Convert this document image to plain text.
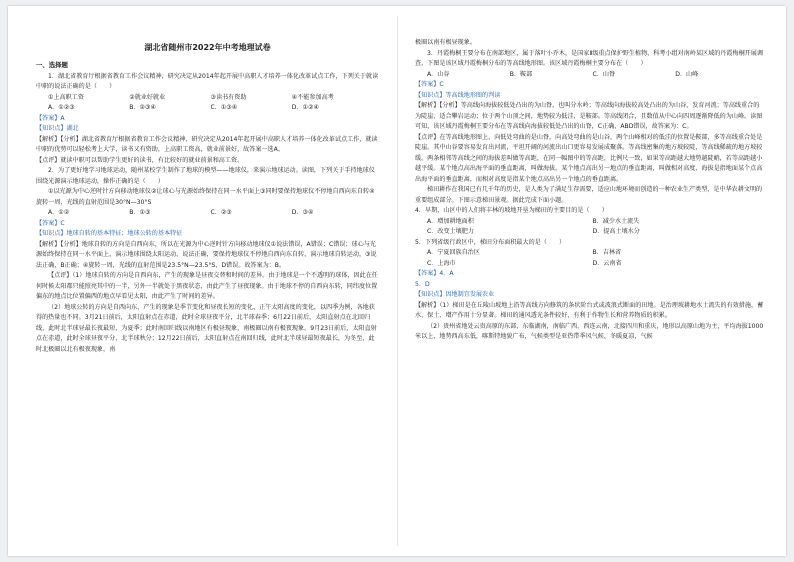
湖北省随州市2022年中考地理试卷

一、选择题

1．湖北省教育厅根据省教育工作会议精神，研究决定从2014年起开展中高职人才培养一体化改革试点工作，下列关于就读中职的说法正确的是（　　）

①上高职工资	②就业好就业	③读书有资助	④不能参加高考
A．①②③	B．②③④	C．①③④	D．①②④

【答案】A

【知识点】湖北

【解析】【分析】湖北省教育厅根据省教育工作会议精神，研究决定从2014年起开展中高职人才培养一体化改革试点工作，就读中职的优势可以轻松考上大学，读书又有资助，上高职工资高，就业前景好，故答案一选A。

【点评】就读中职可以帮助学生更好的读书，有比较好的就业前景和高工资。

2．为了更好地学习地球运动，随州某校学生制作了地球的模型——地球仪，来演示地球运动。读图，下列关于手持地球仪围绕光源演示地球运动，操作正确的是（　　）

①以光源为中心逆时针方向移动地球仪②让球心与光源始终保持在同一水平面上③同时要保持地球仪不停地自西向东自转④旋转一周，光线的直射范围是30°N—30°S

A．①②	B．①③	C．②③	D．③④

【答案】C

【知识点】地球自转的基本特征；地球公转的基本特征

【解析】【分析】地球自转的方向是自西向东，所以在光源为中心逆时针方向移动地球仪①说法错误，A错误；C错误；球心与光源始终保持在同一水平面上，演示地球围绕太阳运动，说法正确，要保持地球仪不停地自西向东自转，演示地球自转运动，③说法正确，B正确；④旋转一周，光线的直射范围是23.5°N—23.5°S，D错误。故答案为：B。

【点评】（1）地球自转的方向是自西向东，产生的现象是昼夜交替和时间的差异。由于地球是一个不透明的球体，因此在任何时候太阳都只能照亮其中的一半，另外一半就处于黑夜状态，由此产生了昼夜现象。由于地球不停的自西向东转，同纬度位置偏东的地点比位置偏西的地点早看见太阳，由此产生了时间的差异。

（2）地球公转的方向是自西向东，产生的现象是季节变化和昼夜长短的变化、正午太阳高度的变化，以四季为例，各地获得的热量也不同。3月21日前后，太阳直射点在赤道，此时全球昼夜平分，北半球春季；6月22日前后，太阳直射点在北回归线，此时北半球昼最长夜最短，为夏季；此时南回归线以南地区有极昼现象，南极圈以南有极夜现象。9月23日前后，太阳直射点在赤道，此时全球昼夜平分，北半球秋分；12月22日前后，太阳直射点在南回归线，此时北半球昼最短夜最长，为冬至，此时北极圈以北有极夜现象，南

极圈以南有极昼现象。

3．丹霞梅桐王要分布在南部地区，属于落叶小乔木，是国家Ⅱ级重点保护野生植物，科考小组对南岭某区域的丹霞梅桐开展调查，下图是该区域丹霞梅桐分布的等高线地形图。该区域丹霞梅桐主要分布在（　　）

A．山谷	B．鞍部	C．山脊	D．山峰

【答案】C

【知识点】等高线地形图的判读

【解析】【分析】等高线向海拔较低处凸出的为山脊，也叫分水岭；等高线向海拔较高处凸出的为山谷，发育河流；等高线重合的为陡崖，适合攀岩运动；位于两个山顶之间，地势较为低洼，是鞍部。等高线闭合，且数值从中心向四周逐渐降低的为山峰。读图可知，该区域丹霞梅桐王要分布在等高线向海拔较低处凸出的山脊，C正确，ABD错误，故答案为：C。

【点评】在等高线地形图上，向低处弯曲的是山脊，向高处弯曲的是山谷，两个山峰相对的低洼的位置是鞍部，多等高线重合处是陡崖。其中山谷要容易发育出河流，平坦开阔的河流出山口更容易发展成聚落。等高线密集的地方坡较陡，等高线稀疏的地方坡较缓。两条相邻等高线之间的海拔差叫做等高距，在同一幅图中的等高距，比例尺一致，如果等高距越大地势越陡峭，若等高距越小越平缓。某个地点高出海平面的垂直距离，叫做海拔。某个地点高出另一地点的垂直距离，叫做相对高度，海拔是指地面某个点高出海平面的垂直距离，而相对高度是指某个地点高出另一个地点的垂直距离。

梯田耕作在我国已有几千年的历史，是人类为了满足生存需要，适应山地环境而创造的一种农业生产类型，是中华农耕文明的重要组成部分。下图示意梯田景观。据此完成下面小题。

4．早期，山区中的人们将丰林的坡地开垦为梯田的主要目的是（　　）

A．增加耕地面积	B．减少水土流失
C．改变土壤肥力	D．提高土壤水分

5．下列省级行政区中，梯田分布面积最大的是（　　）

A．宁夏回族自治区	B．吉林省
C．上海市	D．云南省

【答案】4．A

5．D

【知识点】因地制宜发展农业

【解析】（1）梯田是在丘陵山坡地上沿等高线方向修筑的条状阶台式或波浪式断面的田地。是治理坡耕地水土流失的有效措施，蓄水、保土、增产作用十分显著。梯田的通风透光条件较好，有利于作物生长和营养物质的积累。

（2）贵州省地处云贵高原的东部，东临湖南，南临广西，西连云南，北接四川和重庆，地形以高原山地为主，平均海拔1000米以上，地势西高东低，喀斯特地貌广布，气候类型是亚热带季风气候，冬暖夏凉，气候
